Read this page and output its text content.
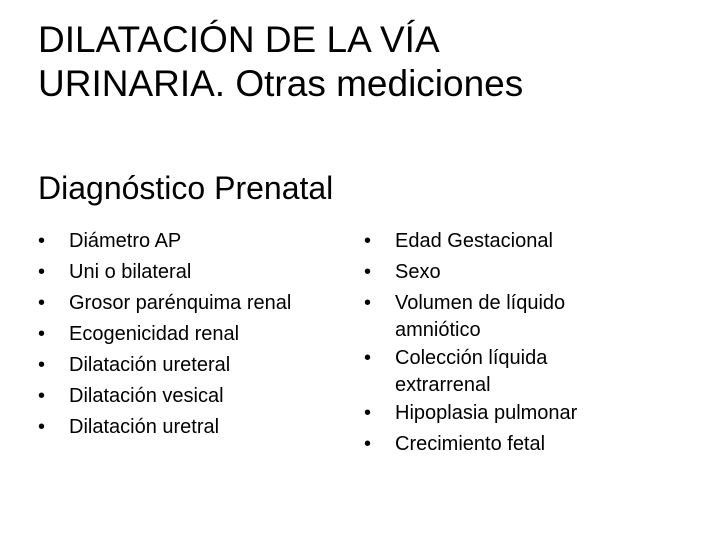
DILATACIÓN DE LA VÍA
URINARIA. Otras mediciones
Diagnóstico Prenatal
• Diámetro AP
• Uni o bilateral
• Grosor parénquima renal
• Ecogenicidad renal
• Dilatación ureteral
• Dilatación vesical
• Dilatación uretral
• Edad Gestacional
• Sexo
• Volumen de líquido
amniótico
• Colección líquida
extrarrenal
• Hipoplasia pulmonar
• Crecimiento fetal
